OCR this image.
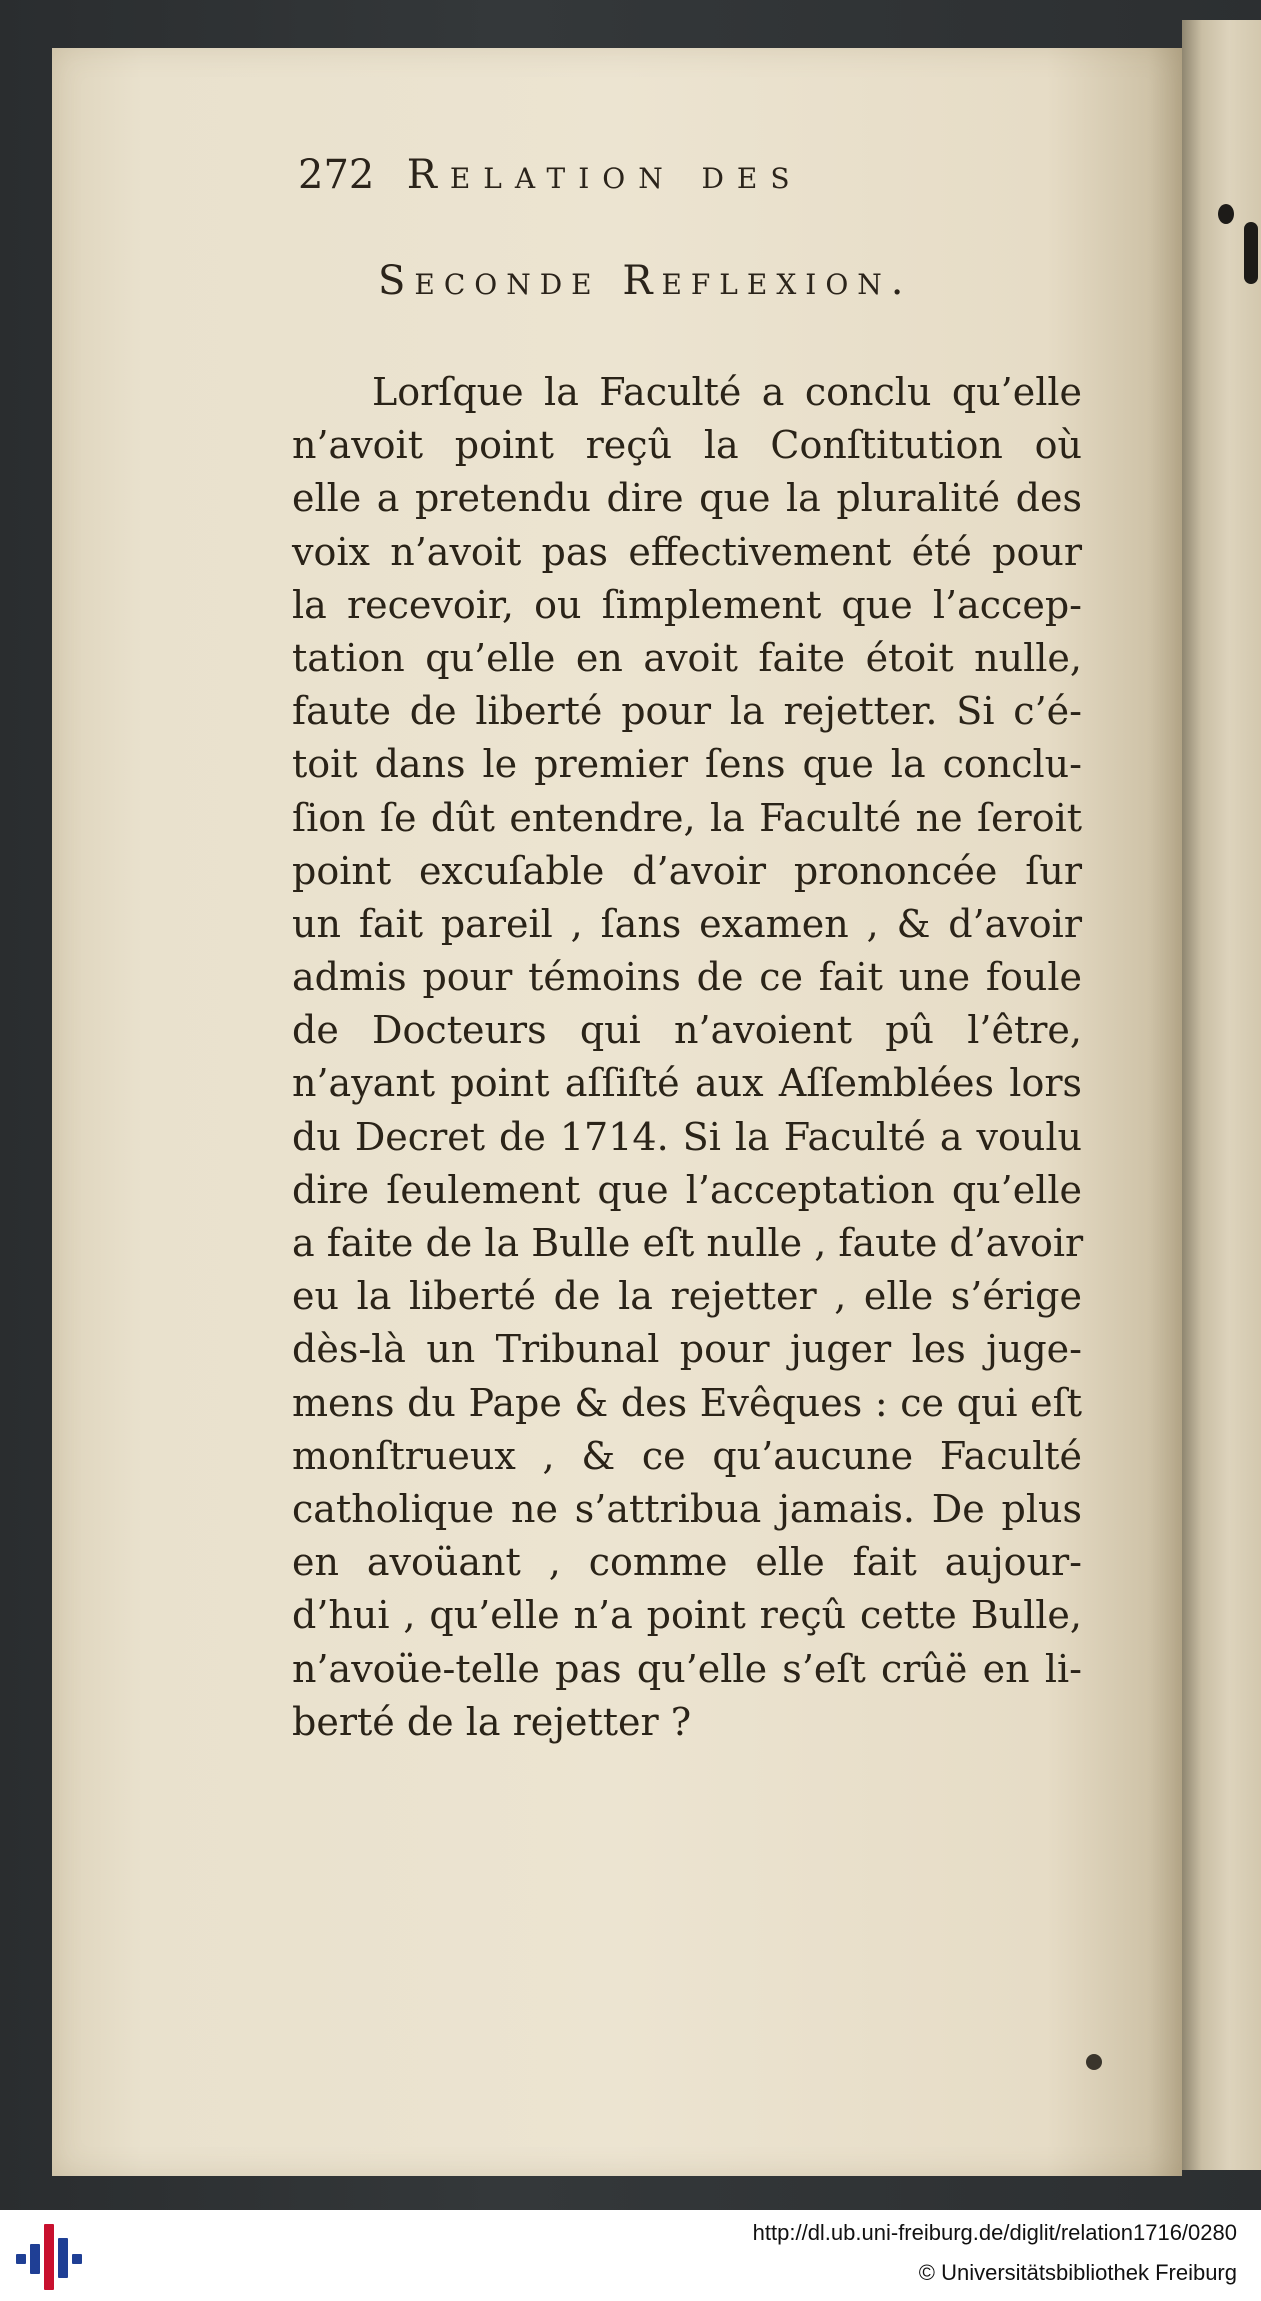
272 Relation des
Seconde Reflexion.
Lorſque la Faculté a conclu qu’elle
n’avoit point reçû la Conſtitution où
elle a pretendu dire que la pluralité des
voix n’avoit pas effectivement été pour
la recevoir, ou ſimplement que l’accep-
tation qu’elle en avoit faite étoit nulle,
faute de liberté pour la rejetter. Si c’é-
toit dans le premier ſens que la conclu-
ſion ſe dût entendre, la Faculté ne ſeroit
point excuſable d’avoir prononcée ſur
un fait pareil , ſans examen , & d’avoir
admis pour témoins de ce fait une foule
de Docteurs qui n’avoient pû l’être,
n’ayant point aſſiſté aux Aſſemblées lors
du Decret de 1714. Si la Faculté a voulu
dire ſeulement que l’acceptation qu’elle
a faite de la Bulle eſt nulle , faute d’avoir
eu la liberté de la rejetter , elle s’érige
dès-là un Tribunal pour juger les juge-
mens du Pape & des Evêques : ce qui eſt
monſtrueux , & ce qu’aucune Faculté
catholique ne s’attribua jamais. De plus
en avoüant , comme elle fait aujour-
d’hui , qu’elle n’a point reçû cette Bulle,
n’avoüe-telle pas qu’elle s’eſt crûë en li-
berté de la rejetter ?
http://dl.ub.uni-freiburg.de/diglit/relation1716/0280
© Universitätsbibliothek Freiburg
